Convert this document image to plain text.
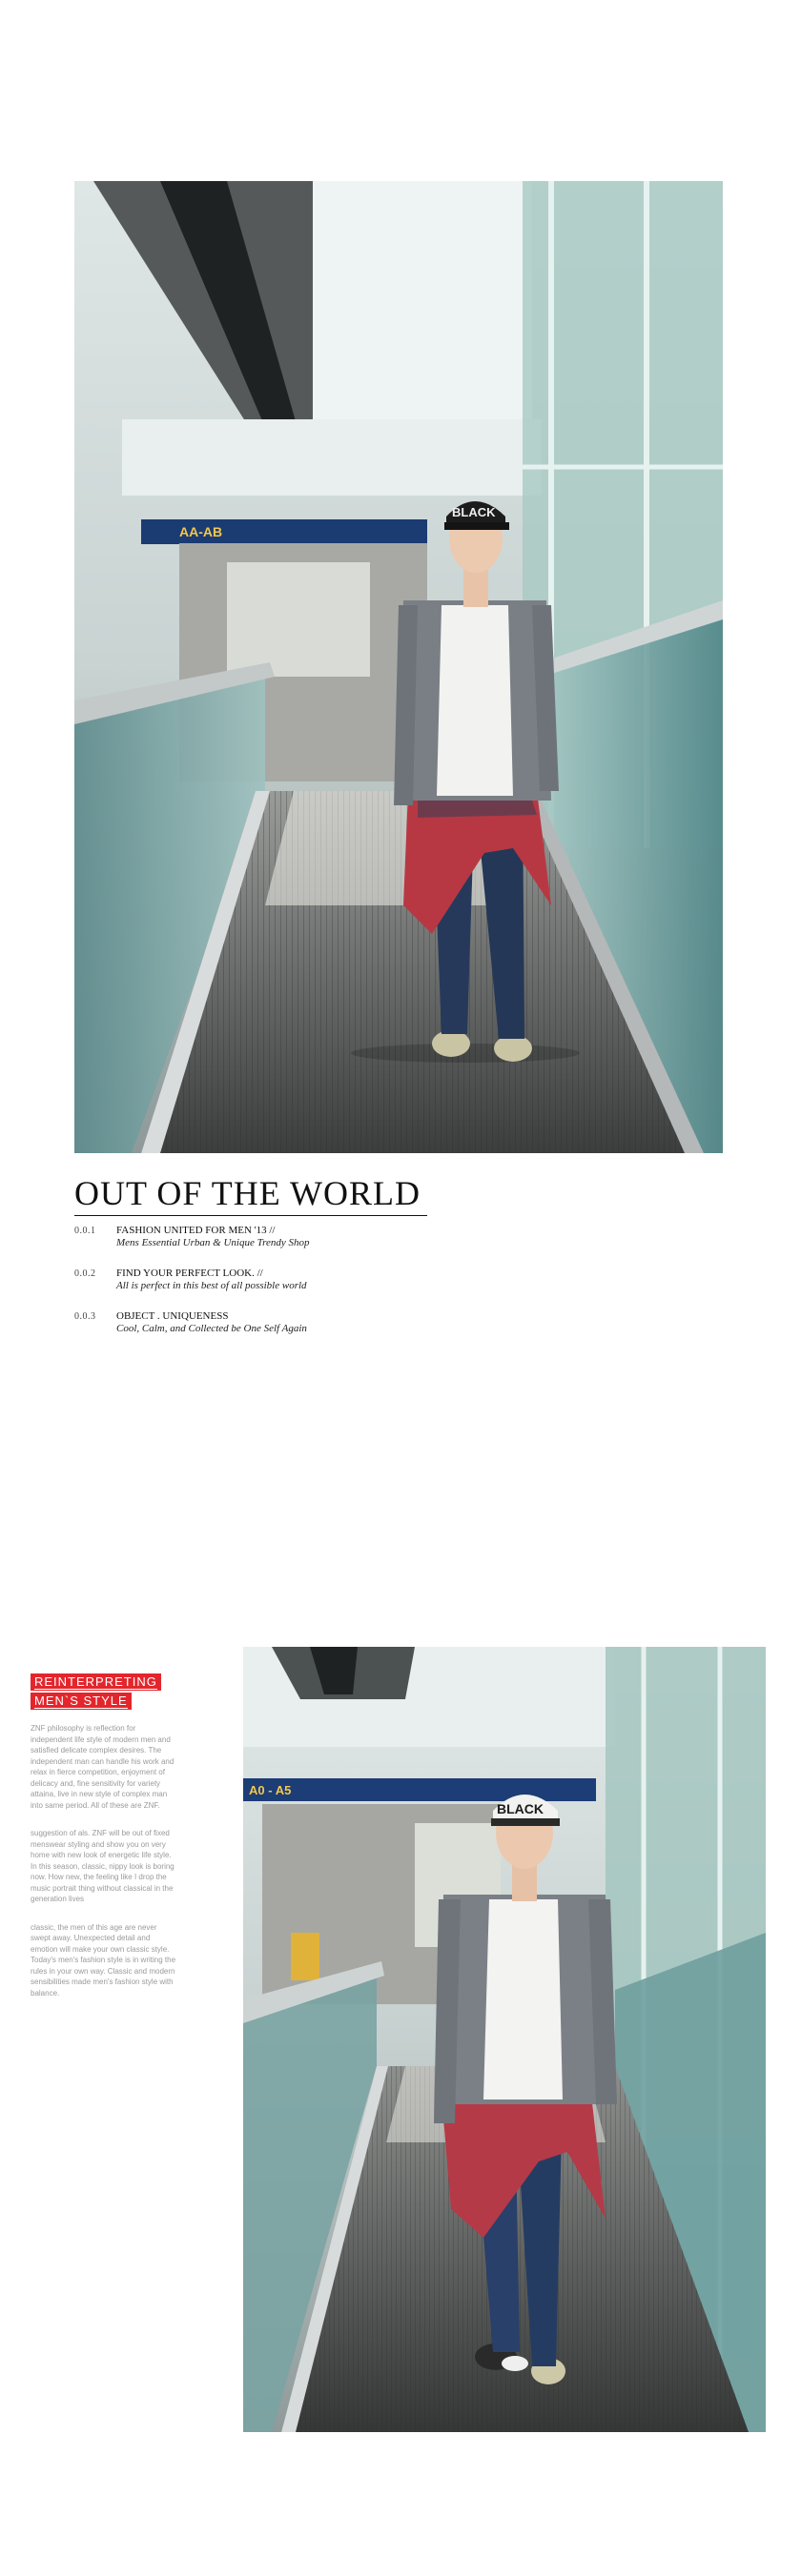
AA-AB
BLACK
OUT OF THE WORLD
0.0.1 FASHION UNITED FOR MEN '13 //
Mens Essential Urban & Unique Trendy Shop
0.0.2 FIND YOUR PERFECT LOOK. //
All is perfect in this best of all possible world
0.0.3 OBJECT . UNIQUENESS
Cool, Calm, and Collected be One Self Again
REINTERPRETING
MEN`S STYLE

ZNF philosophy is reflection for independent life style of modern men and satisfied delicate complex desires. The independent man can handle his work and relax in fierce competition, enjoyment of delicacy and, fine sensitivity for variety attaina, live in new style of complex man into same period. All of these are ZNF.

suggestion of als. ZNF will be out of fixed menswear styling and show you on very home with new look of energetic life style. In this season, classic, nippy look is boring now. How new, the feeling like I drop the music portrait thing without classical in the generation lives

classic, the men of this age are never swept away. Unexpected detail and emotion will make your own classic style. Today's men's fashion style is in writing the rules in your own way. Classic and modern sensibilities made men's fashion style with balance.

A0 - A5
BLACK
